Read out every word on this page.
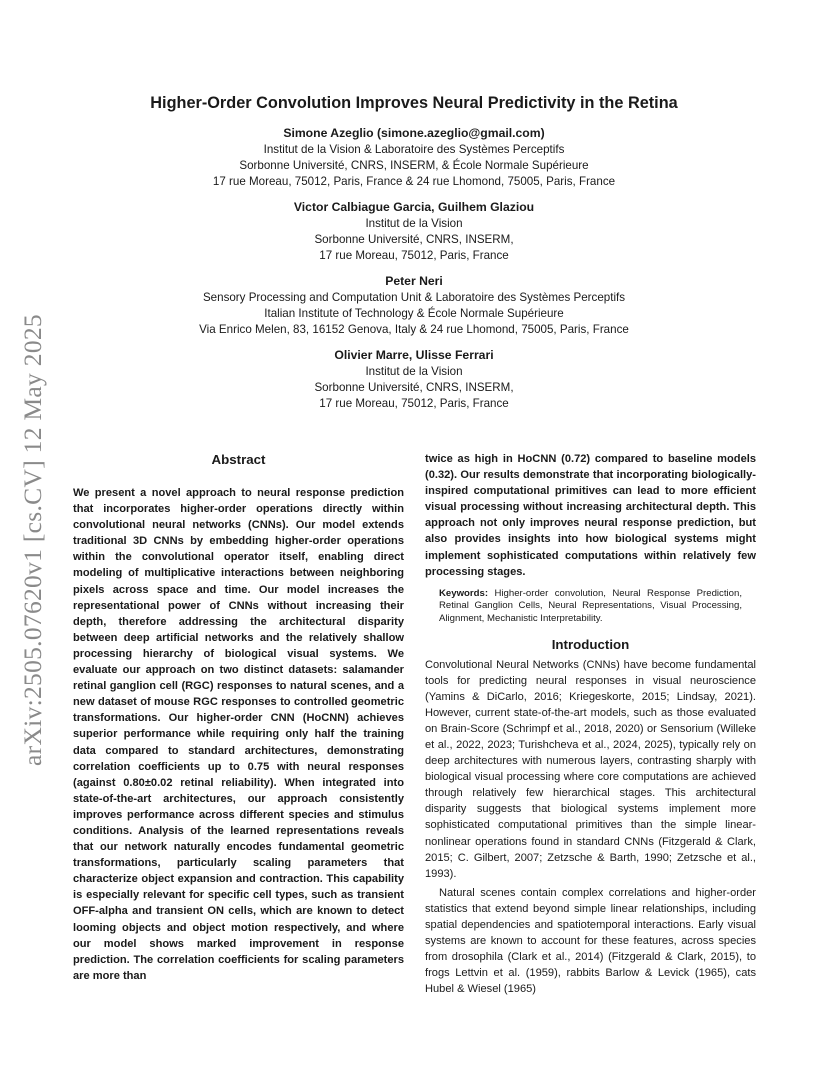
arXiv:2505.07620v1 [cs.CV] 12 May 2025
Higher-Order Convolution Improves Neural Predictivity in the Retina
Simone Azeglio (simone.azeglio@gmail.com)
Institut de la Vision & Laboratoire des Systèmes Perceptifs
Sorbonne Université, CNRS, INSERM, & École Normale Supérieure
17 rue Moreau, 75012, Paris, France & 24 rue Lhomond, 75005, Paris, France
Victor Calbiague Garcia, Guilhem Glaziou
Institut de la Vision
Sorbonne Université, CNRS, INSERM,
17 rue Moreau, 75012, Paris, France
Peter Neri
Sensory Processing and Computation Unit & Laboratoire des Systèmes Perceptifs
Italian Institute of Technology & École Normale Supérieure
Via Enrico Melen, 83, 16152 Genova, Italy & 24 rue Lhomond, 75005, Paris, France
Olivier Marre, Ulisse Ferrari
Institut de la Vision
Sorbonne Université, CNRS, INSERM,
17 rue Moreau, 75012, Paris, France
Abstract

We present a novel approach to neural response prediction that incorporates higher-order operations directly within convolutional neural networks (CNNs). Our model extends traditional 3D CNNs by embedding higher-order operations within the convolutional operator itself, enabling direct modeling of multiplicative interactions between neighboring pixels across space and time. Our model increases the representational power of CNNs without increasing their depth, therefore addressing the architectural disparity between deep artificial networks and the relatively shallow processing hierarchy of biological visual systems. We evaluate our approach on two distinct datasets: salamander retinal ganglion cell (RGC) responses to natural scenes, and a new dataset of mouse RGC responses to controlled geometric transformations. Our higher-order CNN (HoCNN) achieves superior performance while requiring only half the training data compared to standard architectures, demonstrating correlation coefficients up to 0.75 with neural responses (against 0.80±0.02 retinal reliability). When integrated into state-of-the-art architectures, our approach consistently improves performance across different species and stimulus conditions. Analysis of the learned representations reveals that our network naturally encodes fundamental geometric transformations, particularly scaling parameters that characterize object expansion and contraction. This capability is especially relevant for specific cell types, such as transient OFF-alpha and transient ON cells, which are known to detect looming objects and object motion respectively, and where our model shows marked improvement in response prediction. The correlation coefficients for scaling parameters are more than

twice as high in HoCNN (0.72) compared to baseline models (0.32). Our results demonstrate that incorporating biologically-inspired computational primitives can lead to more efficient visual processing without increasing architectural depth. This approach not only improves neural response prediction, but also provides insights into how biological systems might implement sophisticated computations within relatively few processing stages.

Keywords: Higher-order convolution, Neural Response Prediction, Retinal Ganglion Cells, Neural Representations, Visual Processing, Alignment, Mechanistic Interpretability.
Introduction

Convolutional Neural Networks (CNNs) have become fundamental tools for predicting neural responses in visual neuroscience (Yamins & DiCarlo, 2016; Kriegeskorte, 2015; Lindsay, 2021). However, current state-of-the-art models, such as those evaluated on Brain-Score (Schrimpf et al., 2018, 2020) or Sensorium (Willeke et al., 2022, 2023; Turishcheva et al., 2024, 2025), typically rely on deep architectures with numerous layers, contrasting sharply with biological visual processing where core computations are achieved through relatively few hierarchical stages. This architectural disparity suggests that biological systems implement more sophisticated computational primitives than the simple linear-nonlinear operations found in standard CNNs (Fitzgerald & Clark, 2015; C. Gilbert, 2007; Zetzsche & Barth, 1990; Zetzsche et al., 1993).

Natural scenes contain complex correlations and higher-order statistics that extend beyond simple linear relationships, including spatial dependencies and spatiotemporal interactions. Early visual systems are known to account for these features, across species from drosophila (Clark et al., 2014) (Fitzgerald & Clark, 2015), to frogs Lettvin et al. (1959), rabbits Barlow & Levick (1965), cats Hubel & Wiesel (1965)
